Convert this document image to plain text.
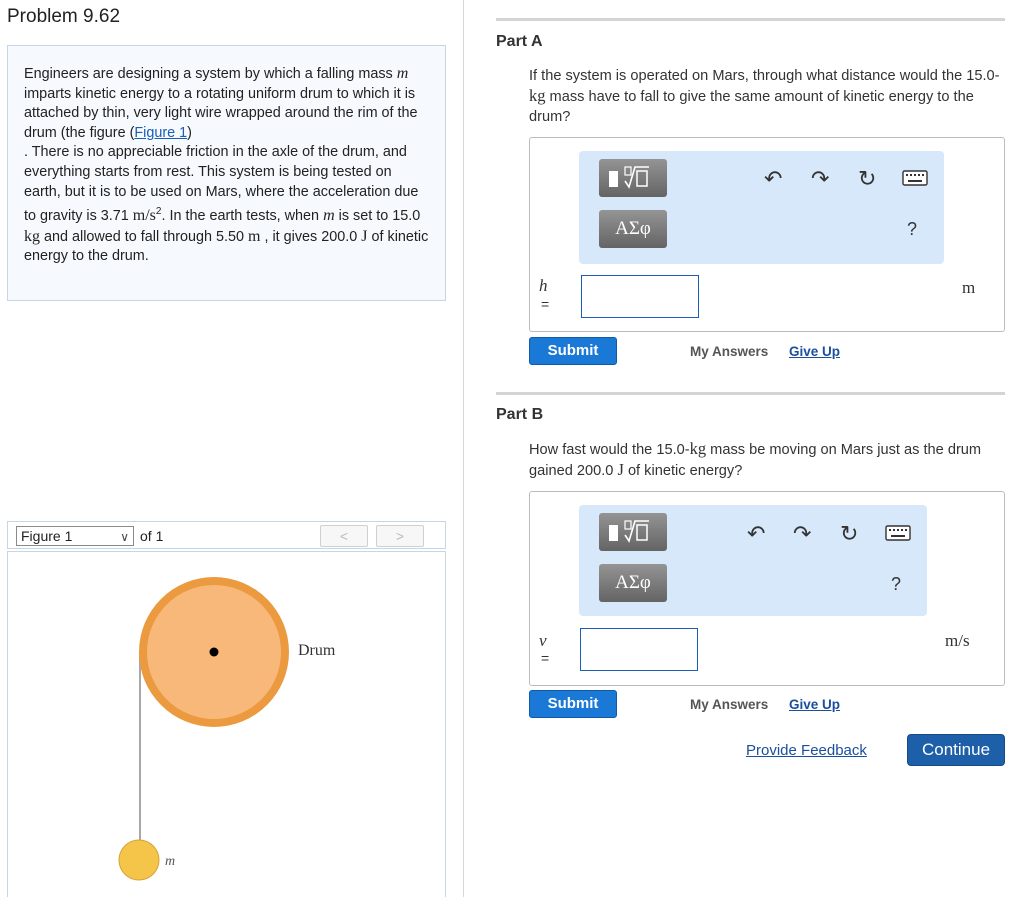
Problem 9.62
Engineers are designing a system by which a falling mass m imparts kinetic energy to a rotating uniform drum to which it is attached by thin, very light wire wrapped around the rim of the drum (the figure (Figure 1)
. There is no appreciable friction in the axle of the drum, and everything starts from rest. This system is being tested on earth, but it is to be used on Mars, where the acceleration due to gravity is 3.71 $m/s^2$. In the earth tests, when m is set to 15.0 kg and allowed to fall through 5.50 m , it gives 200.0 J of kinetic energy to the drum.
Figure 1	∨ of 1	<	>
Drum
m
Part A
If the system is operated on Mars, through what distance would the 15.0-kg mass have to fall to give the same amount of kinetic energy to the drum?
ΑΣφ
↶ ↷ ↻
?
h
=
m
Submit	My Answers Give Up
Part B
How fast would the 15.0-kg mass be moving on Mars just as the drum gained 200.0 J of kinetic energy?
ΑΣφ
↶ ↷ ↻
?
v
=
m/s
Submit	My Answers Give Up
Provide Feedback	Continue
